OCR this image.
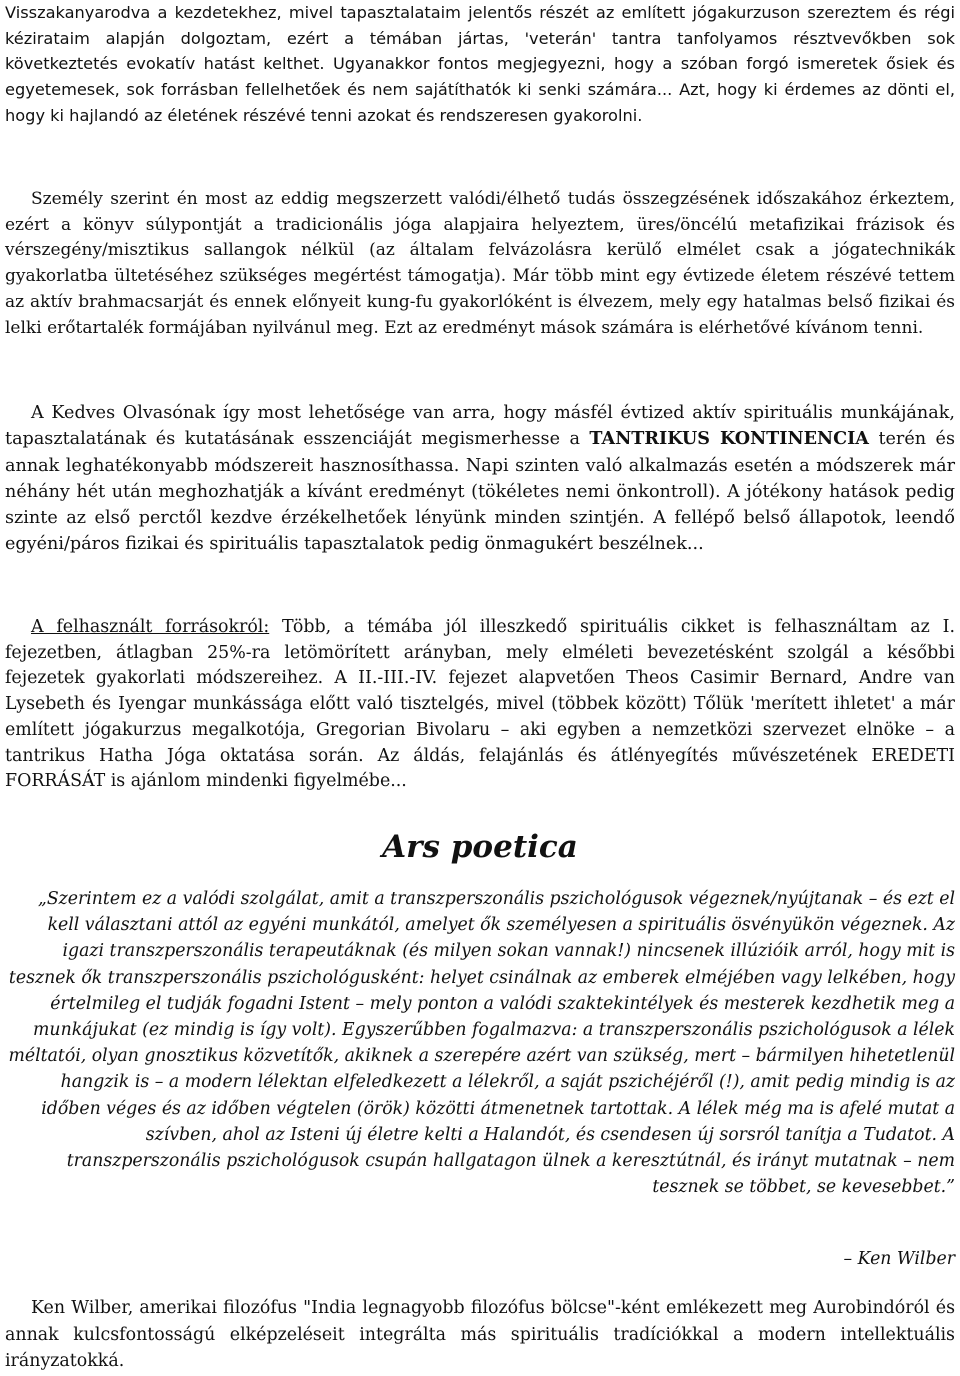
Visszakanyarodva a kezdetekhez, mivel tapasztalataim jelentős részét az említett jógakurzuson szereztem és régi kézirataim alapján dolgoztam, ezért a témában jártas, 'veterán' tantra tanfolyamos résztvevőkben sok következtetés evokatív hatást kelthet. Ugyanakkor fontos megjegyezni, hogy a szóban forgó ismeretek ősiek és egyetemesek, sok forrásban fellelhetőek és nem sajátíthatók ki senki számára... Azt, hogy ki érdemes az dönti el, hogy ki hajlandó az életének részévé tenni azokat és rendszeresen gyakorolni.

Személy szerint én most az eddig megszerzett valódi/élhető tudás összegzésének időszakához érkeztem, ezért a könyv súlypontját a tradicionális jóga alapjaira helyeztem, üres/öncélú metafizikai frázisok és vérszegény/misztikus sallangok nélkül (az általam felvázolásra kerülő elmélet csak a jógatechnikák gyakorlatba ültetéséhez szükséges megértést támogatja). Már több mint egy évtizede életem részévé tettem az aktív brahmacsarját és ennek előnyeit kung-fu gyakorlóként is élvezem, mely egy hatalmas belső fizikai és lelki erőtartalék formájában nyilvánul meg. Ezt az eredményt mások számára is elérhetővé kívánom tenni.

A Kedves Olvasónak így most lehetősége van arra, hogy másfél évtized aktív spirituális munkájának, tapasztalatának és kutatásának esszenciáját megismerhesse a TANTRIKUS KONTINENCIA terén és annak leghatékonyabb módszereit hasznosíthassa. Napi szinten való alkalmazás esetén a módszerek már néhány hét után meghozhatják a kívánt eredményt (tökéletes nemi önkontroll). A jótékony hatások pedig szinte az első perctől kezdve érzékelhetőek lényünk minden szintjén. A fellépő belső állapotok, leendő egyéni/páros fizikai és spirituális tapasztalatok pedig önmagukért beszélnek...

A felhasznált forrásokról: Több, a témába jól illeszkedő spirituális cikket is felhasználtam az I. fejezetben, átlagban 25%-ra letömörített arányban, mely elméleti bevezetésként szolgál a későbbi fejezetek gyakorlati módszereihez. A II.-III.-IV. fejezet alapvetően Theos Casimir Bernard, Andre van Lysebeth és Iyengar munkássága előtt való tisztelgés, mivel (többek között) Tőlük 'merített ihletet' a már említett jógakurzus megalkotója, Gregorian Bivolaru – aki egyben a nemzetközi szervezet elnöke – a tantrikus Hatha Jóga oktatása során. Az áldás, felajánlás és átlényegítés művészetének EREDETI FORRÁSÁT is ajánlom mindenki figyelmébe...

Ars poetica

„Szerintem ez a valódi szolgálat, amit a transzperszonális pszichológusok végeznek/nyújtanak – és ezt el kell választani attól az egyéni munkától, amelyet ők személyesen a spirituális ösvényükön végeznek. Az igazi transzperszonális terapeutáknak (és milyen sokan vannak!) nincsenek illúzióik arról, hogy mit is tesznek ők transzperszonális pszichológusként: helyet csinálnak az emberek elméjében vagy lelkében, hogy értelmileg el tudják fogadni Istent – mely ponton a valódi szaktekintélyek és mesterek kezdhetik meg a munkájukat (ez mindig is így volt). Egyszerűbben fogalmazva: a transzperszonális pszichológusok a lélek méltatói, olyan gnosztikus közvetítők, akiknek a szerepére azért van szükség, mert – bármilyen hihetetlenül hangzik is – a modern lélektan elfeledkezett a lélekről, a saját pszichéjéről (!), amit pedig mindig is az időben véges és az időben végtelen (örök) közötti átmenetnek tartottak. A lélek még ma is afelé mutat a szívben, ahol az Isteni új életre kelti a Halandót, és csendesen új sorsról tanítja a Tudatot. A transzperszonális pszichológusok csupán hallgatagon ülnek a keresztútnál, és irányt mutatnak – nem tesznek se többet, se kevesebbet.”

– Ken Wilber

Ken Wilber, amerikai filozófus "India legnagyobb filozófus bölcse"-ként emlékezett meg Aurobindóról és annak kulcsfontosságú elképzeléseit integrálta más spirituális tradíciókkal a modern intellektuális irányzatokká.
